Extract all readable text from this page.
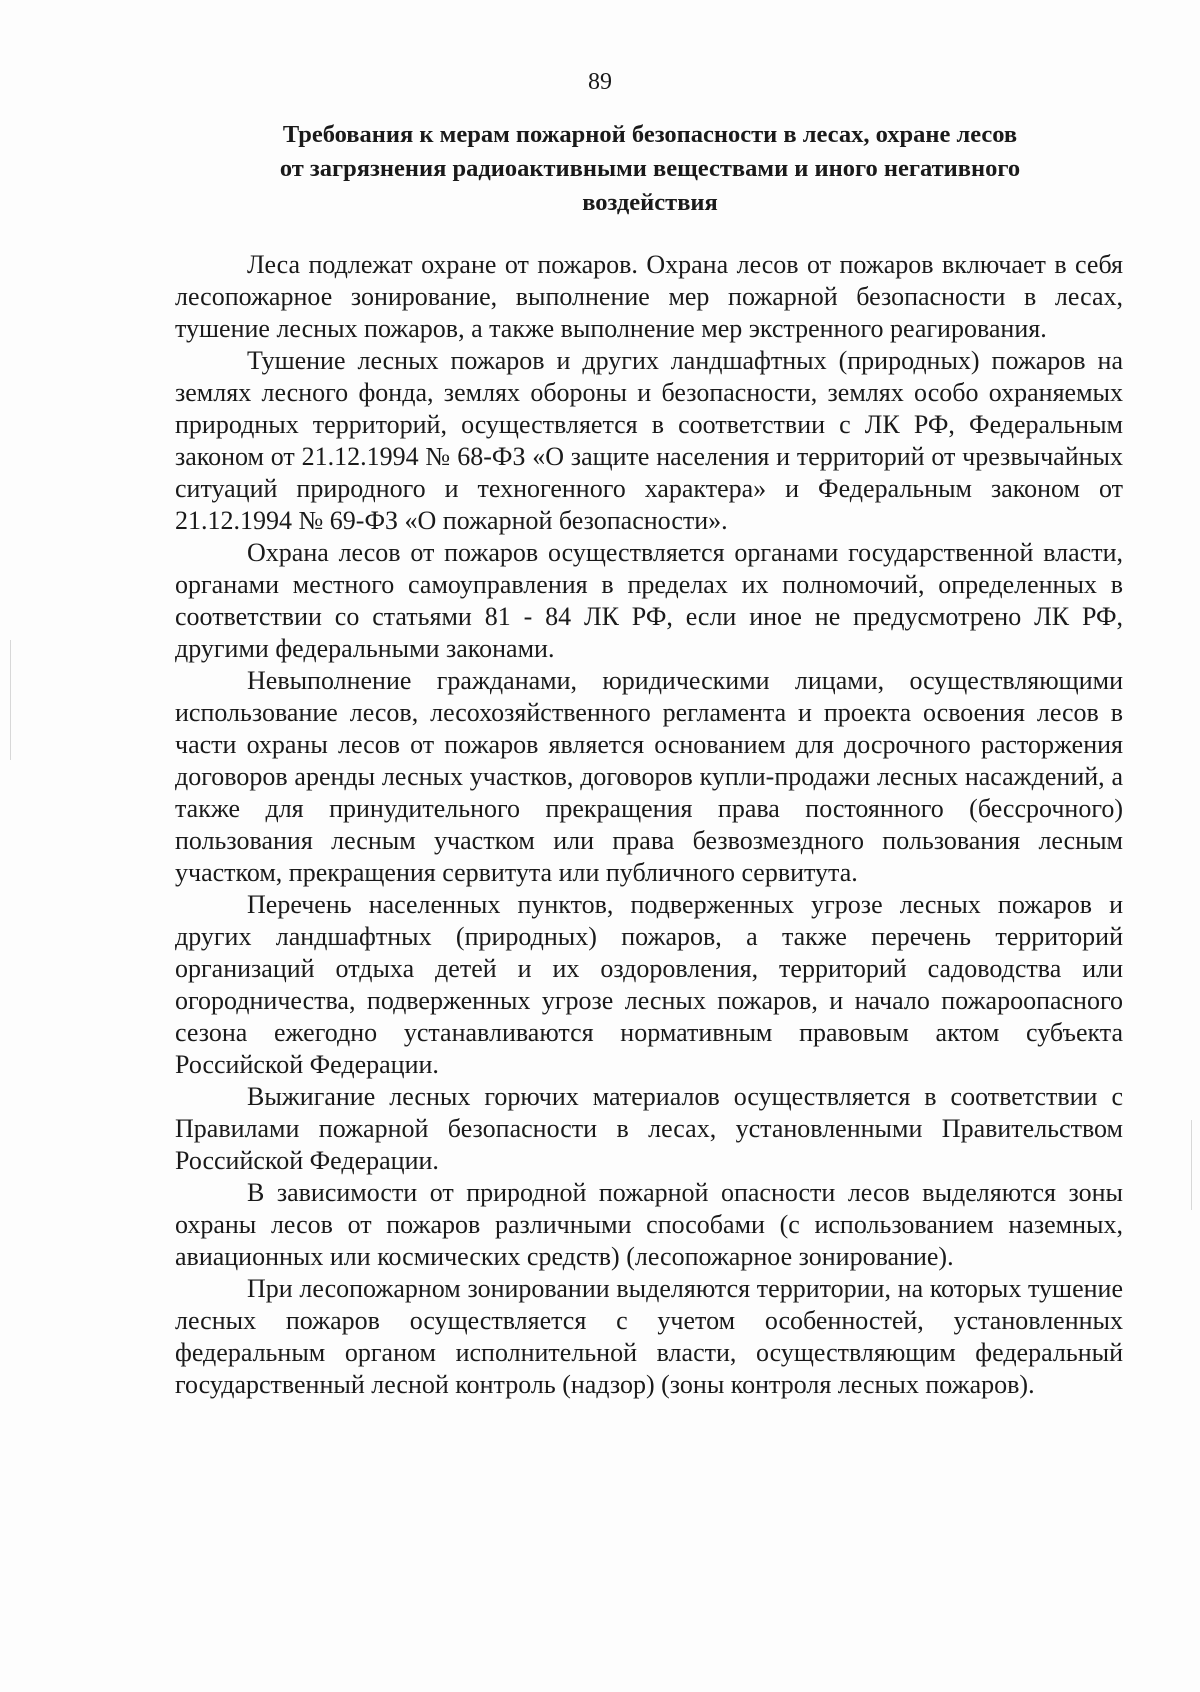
89
Требования к мерам пожарной безопасности в лесах, охране лесов
от загрязнения радиоактивными веществами и иного негативного
воздействия

Леса подлежат охране от пожаров. Охрана лесов от пожаров включает в себя лесопожарное зонирование, выполнение мер пожарной безопасности в лесах, тушение лесных пожаров, а также выполнение мер экстренного реагирования.

Тушение лесных пожаров и других ландшафтных (природных) пожаров на землях лесного фонда, землях обороны и безопасности, землях особо охраняемых природных территорий, осуществляется в соответствии с ЛК РФ, Федеральным законом от 21.12.1994 № 68-ФЗ «О защите населения и территорий от чрезвычайных ситуаций природного и техногенного характера» и Федеральным законом от 21.12.1994 № 69-ФЗ «О пожарной безопасности».

Охрана лесов от пожаров осуществляется органами государственной власти, органами местного самоуправления в пределах их полномочий, определенных в соответствии со статьями 81 - 84 ЛК РФ, если иное не предусмотрено ЛК РФ, другими федеральными законами.

Невыполнение гражданами, юридическими лицами, осуществляющими использование лесов, лесохозяйственного регламента и проекта освоения лесов в части охраны лесов от пожаров является основанием для досрочного расторжения договоров аренды лесных участков, договоров купли-продажи лесных насаждений, а также для принудительного прекращения права постоянного (бессрочного) пользования лесным участком или права безвозмездного пользования лесным участком, прекращения сервитута или публичного сервитута.

Перечень населенных пунктов, подверженных угрозе лесных пожаров и других ландшафтных (природных) пожаров, а также перечень территорий организаций отдыха детей и их оздоровления, территорий садоводства или огородничества, подверженных угрозе лесных пожаров, и начало пожароопасного сезона ежегодно устанавливаются нормативным правовым актом субъекта Российской Федерации.

Выжигание лесных горючих материалов осуществляется в соответствии с Правилами пожарной безопасности в лесах, установленными Правительством Российской Федерации.

В зависимости от природной пожарной опасности лесов выделяются зоны охраны лесов от пожаров различными способами (с использованием наземных, авиационных или космических средств) (лесопожарное зонирование).

При лесопожарном зонировании выделяются территории, на которых тушение лесных пожаров осуществляется с учетом особенностей, установленных федеральным органом исполнительной власти, осуществляющим федеральный государственный лесной контроль (надзор) (зоны контроля лесных пожаров).
